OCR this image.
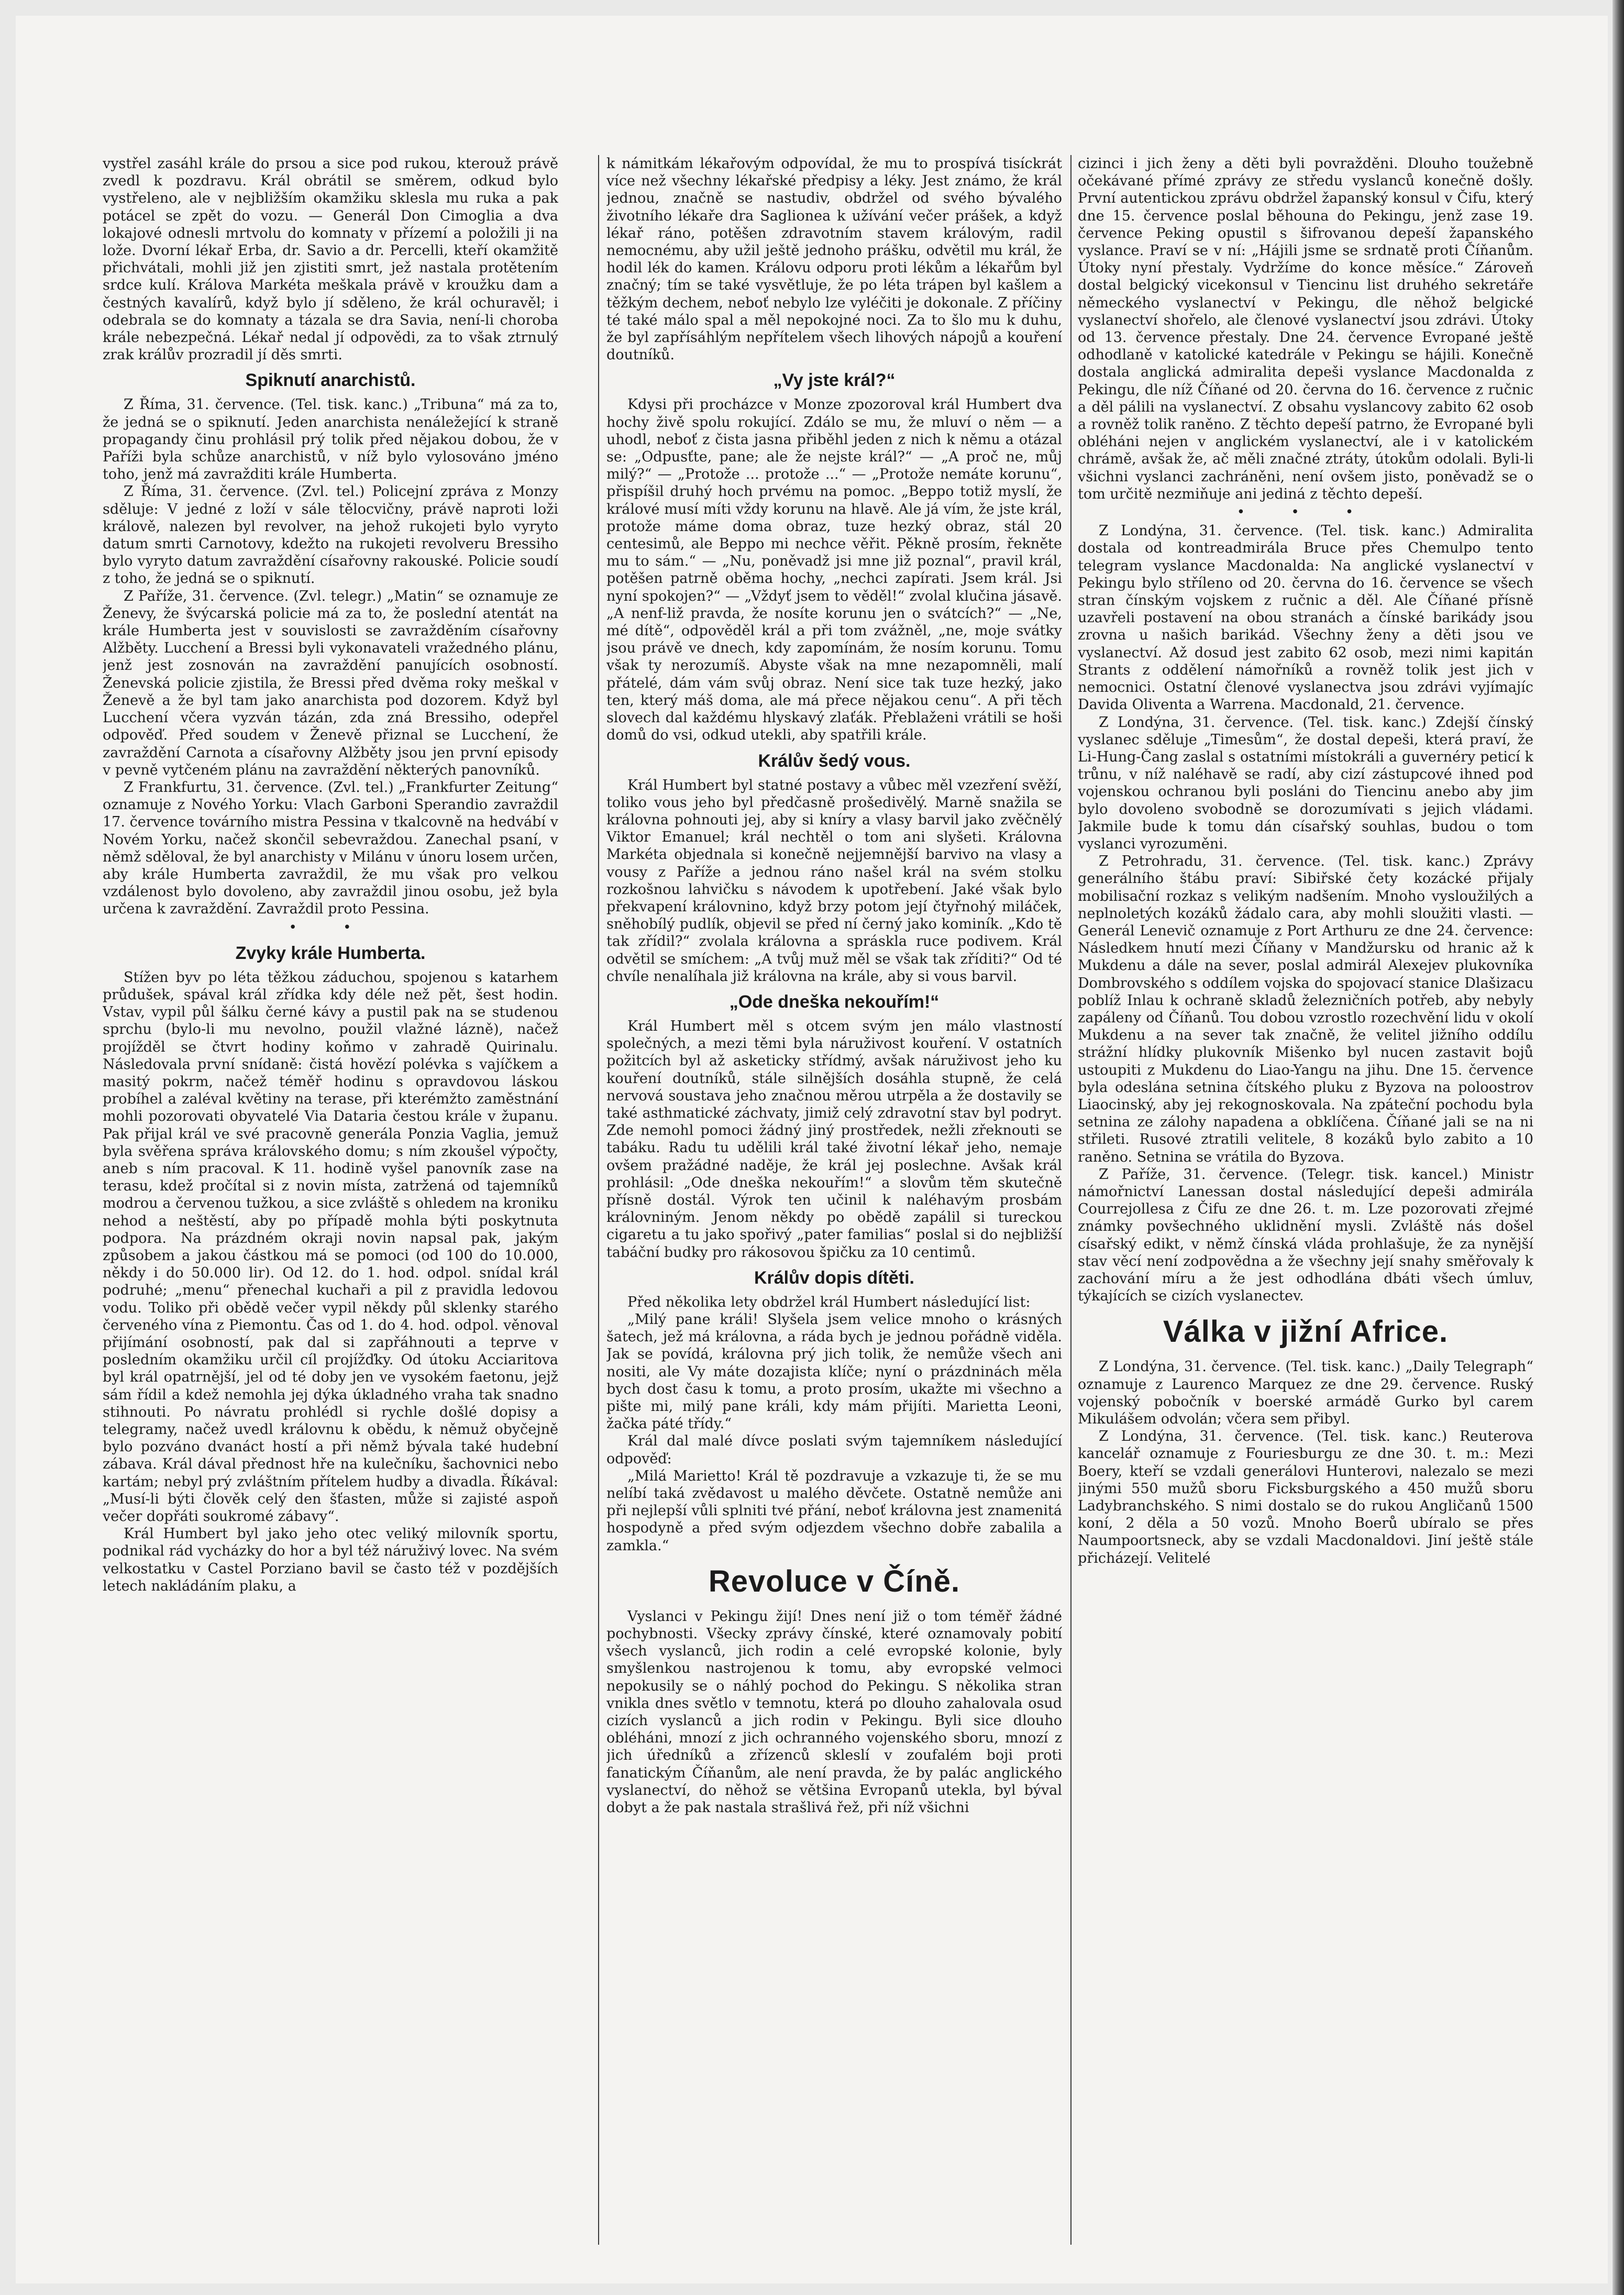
vystřel zasáhl krále do prsou a sice pod rukou, kterouž právě zvedl k pozdravu. Král obrátil se směrem, odkud bylo vystřeleno, ale v nejbližším okamžiku sklesla mu ruka a pak potácel se zpět do vozu. — Generál Don Cimoglia a dva lokajové odnesli mrtvolu do komnaty v přízemí a položili ji na lože. Dvorní lékař Erba, dr. Savio a dr. Percelli, kteří okamžitě přichvátali, mohli již jen zjistiti smrt, jež nastala protětením srdce kulí. Králova Markéta meškala právě v kroužku dam a čestných kavalírů, když bylo jí sděleno, že král ochuravěl; i odebrala se do komnaty a tázala se dra Savia, není-li choroba krále nebezpečná. Lékař nedal jí odpovědi, za to však ztrnulý zrak králův prozradil jí děs smrti.

Spiknutí anarchistů.

Z Říma, 31. července. (Tel. tisk. kanc.) „Tribuna“ má za to, že jedná se o spiknutí. Jeden anarchista nenáležející k straně propagandy činu prohlásil prý tolik před nějakou dobou, že v Paříži byla schůze anarchistů, v níž bylo vylosováno jméno toho, jenž má zavražditi krále Humberta.

Z Říma, 31. července. (Zvl. tel.) Policejní zpráva z Monzy sděluje: V jedné z loží v sále tělocvičny, právě naproti loži králově, nalezen byl revolver, na jehož rukojeti bylo vyryto datum smrti Carnotovy, kdežto na rukojeti revolveru Bressiho bylo vyryto datum zavraždění císařovny rakouské. Policie soudí z toho, že jedná se o spiknutí.

Z Paříže, 31. července. (Zvl. telegr.) „Matin“ se oznamuje ze Ženevy, že švýcarská policie má za to, že poslední atentát na krále Humberta jest v souvislosti se zavražděním císařovny Alžběty. Lucchení a Bressi byli vykonavateli vražedného plánu, jenž jest zosnován na zavraždění panujících osobností. Ženevská policie zjistila, že Bressi před dvěma roky meškal v Ženevě a že byl tam jako anarchista pod dozorem. Když byl Lucchení včera vyzván tázán, zda zná Bressiho, odepřel odpověď. Před soudem v Ženevě přiznal se Lucchení, že zavraždění Carnota a císařovny Alžběty jsou jen první episody v pevně vytčeném plánu na zavraždění některých panovníků.

Z Frankfurtu, 31. července. (Zvl. tel.) „Frankfurter Zeitung“ oznamuje z Nového Yorku: Vlach Garboni Sperandio zavraždil 17. července továrního mistra Pessina v tkalcovně na hedvábí v Novém Yorku, načež skončil sebevraždou. Zanechal psaní, v němž sděloval, že byl anarchisty v Milánu v únoru losem určen, aby krále Humberta zavraždil, že mu však pro velkou vzdálenost bylo dovoleno, aby zavraždil jinou osobu, jež byla určena k zavraždění. Zavraždil proto Pessina.

• •
Zvyky krále Humberta.

Stížen byv po léta těžkou záduchou, spojenou s katarhem průdušek, spával král zřídka kdy déle než pět, šest hodin. Vstav, vypil půl šálku černé kávy a pustil pak na se studenou sprchu (bylo-li mu nevolno, použil vlažné lázně), načež projížděl se čtvrt hodiny koňmo v zahradě Quirinalu. Následovala první snídaně: čistá hovězí polévka s vajíčkem a masitý pokrm, načež téměř hodinu s opravdovou láskou probíhel a zaléval květiny na terase, při kterémžto zaměstnání mohli pozorovati obyvatelé Via Dataria čestou krále v županu. Pak přijal král ve své pracovně generála Ponzia Vaglia, jemuž byla svěřena správa královského domu; s ním zkoušel výpočty, aneb s ním pracoval. K 11. hodině vyšel panovník zase na terasu, kdež pročítal si z novin místa, zatržená od tajemníků modrou a červenou tužkou, a sice zvláště s ohledem na kroniku nehod a neštěstí, aby po případě mohla býti poskytnuta podpora. Na prázdném okraji novin napsal pak, jakým způsobem a jakou částkou má se pomoci (od 100 do 10.000, někdy i do 50.000 lir). Od 12. do 1. hod. odpol. snídal král podruhé; „menu“ přenechal kuchaři a pil z pravidla ledovou vodu. Toliko při obědě večer vypil někdy půl sklenky starého červeného vína z Piemontu. Čas od 1. do 4. hod. odpol. věnoval přijímání osobností, pak dal si zapřáhnouti a teprve v posledním okamžiku určil cíl projížďky. Od útoku Acciaritova byl král opatrnější, jel od té doby jen ve vysokém faetonu, jejž sám řídil a kdež nemohla jej dýka úkladného vraha tak snadno stihnouti. Po návratu prohlédl si rychle došlé dopisy a telegramy, načež uvedl královnu k obědu, k němuž obyčejně bylo pozváno dvanáct hostí a při němž bývala také hudební zábava. Král dával přednost hře na kulečníku, šachovnici nebo kartám; nebyl prý zvláštním přítelem hudby a divadla. Říkával: „Musí-li býti člověk celý den šťasten, může si zajisté aspoň večer dopřáti soukromé zábavy“.

Král Humbert byl jako jeho otec veliký milovník sportu, podnikal rád vycházky do hor a byl též náruživý lovec. Na svém velkostatku v Castel Porziano bavil se často též v pozdějších letech nakládáním plaku, a

k námitkám lékařovým odpovídal, že mu to prospívá tisíckrát více než všechny lékařské předpisy a léky. Jest známo, že král jednou, značně se nastudiv, obdržel od svého bývalého životního lékaře dra Saglionea k užívání večer prášek, a když lékař ráno, potěšen zdravotním stavem královým, radil nemocnému, aby užil ještě jednoho prášku, odvětil mu král, že hodil lék do kamen. Královu odporu proti lékům a lékařům byl značný; tím se také vysvětluje, že po léta trápen byl kašlem a těžkým dechem, neboť nebylo lze vyléčiti je dokonale. Z příčiny té také málo spal a měl nepokojné noci. Za to šlo mu k duhu, že byl zapřísáhlým nepřítelem všech lihových nápojů a kouření doutníků.

„Vy jste král?“

Kdysi při procházce v Monze zpozoroval král Humbert dva hochy živě spolu rokující. Zdálo se mu, že mluví o něm — a uhodl, neboť z čista jasna přiběhl jeden z nich k němu a otázal se: „Odpusťte, pane; ale že nejste král?“ — „A proč ne, můj milý?“ — „Protože ... protože ...“ — „Protože nemáte korunu“, přispíšil druhý hoch prvému na pomoc. „Beppo totiž myslí, že králové musí míti vždy korunu na hlavě. Ale já vím, že jste král, protože máme doma obraz, tuze hezký obraz, stál 20 centesimů, ale Beppo mi nechce věřit. Pěkně prosím, řekněte mu to sám.“ — „Nu, poněvadž jsi mne již poznal“, pravil král, potěšen patrně oběma hochy, „nechci zapírati. Jsem král. Jsi nyní spokojen?“ — „Vždyť jsem to věděl!“ zvolal klučina jásavě. „A nenf-liž pravda, že nosíte korunu jen o svátcích?“ — „Ne, mé dítě“, odpověděl král a při tom zvážněl, „ne, moje svátky jsou právě ve dnech, kdy zapomínám, že nosím korunu. Tomu však ty nerozumíš. Abyste však na mne nezapomněli, malí přátelé, dám vám svůj obraz. Není sice tak tuze hezký, jako ten, který máš doma, ale má přece nějakou cenu“. A při těch slovech dal každému hlyskavý zlaťák. Přeblaženi vrátili se hoši domů do vsi, odkud utekli, aby spatřili krále.

Králův šedý vous.

Král Humbert byl statné postavy a vůbec měl vzezření svěží, toliko vous jeho byl předčasně prošedivělý. Marně snažila se královna pohnouti jej, aby si kníry a vlasy barvil jako zvěčnělý Viktor Emanuel; král nechtěl o tom ani slyšeti. Královna Markéta objednala si konečně nejjemnější barvivo na vlasy a vousy z Paříže a jednou ráno našel král na svém stolku rozkošnou lahvičku s návodem k upotřebení. Jaké však bylo překvapení královnino, když brzy potom její čtyřnohý miláček, sněhobílý pudlík, objevil se před ní černý jako kominík. „Kdo tě tak zřídil?“ zvolala královna a spráskla ruce podivem. Král odvětil se smíchem: „A tvůj muž měl se však tak zříditi?“ Od té chvíle nenalíhala již královna na krále, aby si vous barvil.

„Ode dneška nekouřím!“

Král Humbert měl s otcem svým jen málo vlastností společných, a mezi těmi byla náruživost kouření. V ostatních požitcích byl až asketicky střídmý, avšak náruživost jeho ku kouření doutníků, stále silnějších dosáhla stupně, že celá nervová soustava jeho značnou měrou utrpěla a že dostavily se také asthmatické záchvaty, jimiž celý zdravotní stav byl podryt. Zde nemohl pomoci žádný jiný prostředek, nežli zřeknouti se tabáku. Radu tu udělili král také životní lékař jeho, nemaje ovšem pražádné naděje, že král jej poslechne. Avšak král prohlásil: „Ode dneška nekouřím!“ a slovům těm skutečně přísně dostál. Výrok ten učinil k naléhavým prosbám královniným. Jenom někdy po obědě zapálil si tureckou cigaretu a tu jako spořivý „pater familias“ poslal si do nejbližší tabáční budky pro rákosovou špičku za 10 centimů.

Králův dopis dítěti.

Před několika lety obdržel král Humbert následující list:

„Milý pane králi! Slyšela jsem velice mnoho o krásných šatech, jež má královna, a ráda bych je jednou pořádně viděla. Jak se povídá, královna prý jich tolik, že nemůže všech ani nositi, ale Vy máte dozajista klíče; nyní o prázdninách měla bych dost času k tomu, a proto prosím, ukažte mi všechno a pište mi, milý pane králi, kdy mám přijíti. Marietta Leoni, žačka páté třídy.“

Král dal malé dívce poslati svým tajemníkem následující odpověď:

„Milá Marietto! Král tě pozdravuje a vzkazuje ti, že se mu nelíbí taká zvědavost u malého děvčete. Ostatně nemůže ani při nejlepší vůli splniti tvé přání, neboť královna jest znamenitá hospodyně a před svým odjezdem všechno dobře zabalila a zamkla.“

Revoluce v Číně.

Vyslanci v Pekingu žijí! Dnes není již o tom téměř žádné pochybnosti. Všecky zprávy čínské, které oznamovaly pobití všech vyslanců, jich rodin a celé evropské kolonie, byly smyšlenkou nastrojenou k tomu, aby evropské velmoci nepokusily se o náhlý pochod do Pekingu. S několika stran vnikla dnes světlo v temnotu, která po dlouho zahalovala osud cizích vyslanců a jich rodin v Pekingu. Byli sice dlouho obléháni, mnozí z jich ochranného vojenského sboru, mnozí z jich úředníků a zřízenců skleslí v zoufalém boji proti fanatickým Číňanům, ale není pravda, že by palác anglického vyslanectví, do něhož se většina Evropanů utekla, byl býval dobyt a že pak nastala strašlivá řež, při níž všichni

cizinci i jich ženy a děti byli povražděni. Dlouho toužebně očekávané přímé zprávy ze středu vyslanců konečně došly. První autentickou zprávu obdržel žapanský konsul v Čifu, který dne 15. července poslal běhouna do Pekingu, jenž zase 19. července Peking opustil s šifrovanou depeší žapanského vyslance. Praví se v ní: „Hájili jsme se srdnatě proti Číňanům. Útoky nyní přestaly. Vydržíme do konce měsíce.“ Zároveň dostal belgický vicekonsul v Tiencinu list druhého sekretáře německého vyslanectví v Pekingu, dle něhož belgické vyslanectví shořelo, ale členové vyslanectví jsou zdrávi. Útoky od 13. července přestaly. Dne 24. července Evropané ještě odhodlaně v katolické katedrále v Pekingu se hájili. Konečně dostala anglická admiralita depeši vyslance Macdonalda z Pekingu, dle níž Číňané od 20. června do 16. července z ručnic a děl pálili na vyslanectví. Z obsahu vyslancovy zabito 62 osob a rovněž tolik raněno. Z těchto depeší patrno, že Evropané byli obléháni nejen v anglickém vyslanectví, ale i v katolickém chrámě, avšak že, ač měli značné ztráty, útokům odolali. Byli-li všichni vyslanci zachráněni, není ovšem jisto, poněvadž se o tom určitě nezmiňuje ani jediná z těchto depeší.

• • •

Z Londýna, 31. července. (Tel. tisk. kanc.) Admiralita dostala od kontreadmirála Bruce přes Chemulpo tento telegram vyslance Macdonalda: Na anglické vyslanectví v Pekingu bylo stříleno od 20. června do 16. července se všech stran čínským vojskem z ručnic a děl. Ale Číňané přísně uzavřeli postavení na obou stranách a čínské barikády jsou zrovna u našich barikád. Všechny ženy a děti jsou ve vyslanectví. Až dosud jest zabito 62 osob, mezi nimi kapitán Strants z oddělení námořníků a rovněž tolik jest jich v nemocnici. Ostatní členové vyslanectva jsou zdrávi vyjímajíc Davida Oliventa a Warrena. Macdonald, 21. července.

Z Londýna, 31. července. (Tel. tisk. kanc.) Zdejší čínský vyslanec sděluje „Timesům“, že dostal depeši, která praví, že Li-Hung-Čang zaslal s ostatními místokráli a guvernéry peticí k trůnu, v níž naléhavě se radí, aby cizí zástupcové ihned pod vojenskou ochranou byli posláni do Tiencinu anebo aby jim bylo dovoleno svobodně se dorozumívati s jejich vládami. Jakmile bude k tomu dán císařský souhlas, budou o tom vyslanci vyrozuměni.

Z Petrohradu, 31. července. (Tel. tisk. kanc.) Zprávy generálního štábu praví: Sibiřské čety kozácké přijaly mobilisační rozkaz s velikým nadšením. Mnoho vysloužilých a neplnoletých kozáků žádalo cara, aby mohli sloužiti vlasti. — Generál Lenevič oznamuje z Port Arthuru ze dne 24. července: Následkem hnutí mezi Číňany v Mandžursku od hranic až k Mukdenu a dále na sever, poslal admirál Alexejev plukovníka Dombrovského s oddílem vojska do spojovací stanice Dlašizacu poblíž Inlau k ochraně skladů železničních potřeb, aby nebyly zapáleny od Číňanů. Tou dobou vzrostlo rozechvění lidu v okolí Mukdenu a na sever tak značně, že velitel jižního oddílu strážní hlídky plukovník Mišenko byl nucen zastavit bojů ustoupiti z Mukdenu do Liao-Yangu na jihu. Dne 15. července byla odeslána setnina čítského pluku z Byzova na poloostrov Liaocinský, aby jej rekognoskovala. Na zpáteční pochodu byla setnina ze zálohy napadena a obklíčena. Číňané jali se na ni střileti. Rusové ztratili velitele, 8 kozáků bylo zabito a 10 raněno. Setnina se vrátila do Byzova.

Z Paříže, 31. července. (Telegr. tisk. kancel.) Ministr námořnictví Lanessan dostal následující depeši admirála Courrejollesa z Čifu ze dne 26. t. m. Lze pozorovati zřejmé známky povšechného uklidnění mysli. Zvláště nás došel císařský edikt, v němž čínská vláda prohlašuje, že za nynější stav věcí není zodpovědna a že všechny její snahy směřovaly k zachování míru a že jest odhodlána dbáti všech úmluv, týkajících se cizích vyslanectev.

Válka v jižní Africe.

Z Londýna, 31. července. (Tel. tisk. kanc.) „Daily Telegraph“ oznamuje z Laurenco Marquez ze dne 29. července. Ruský vojenský pobočník v boerské armádě Gurko byl carem Mikulášem odvolán; včera sem přibyl.

Z Londýna, 31. července. (Tel. tisk. kanc.) Reuterova kancelář oznamuje z Fouriesburgu ze dne 30. t. m.: Mezi Boery, kteří se vzdali generálovi Hunterovi, nalezalo se mezi jinými 550 mužů sboru Ficksburgského a 450 mužů sboru Ladybranchského. S nimi dostalo se do rukou Angličanů 1500 koní, 2 děla a 50 vozů. Mnoho Boerů ubíralo se přes Naumpoortsneck, aby se vzdali Macdonaldovi. Jiní ještě stále přicházejí. Velitelé
